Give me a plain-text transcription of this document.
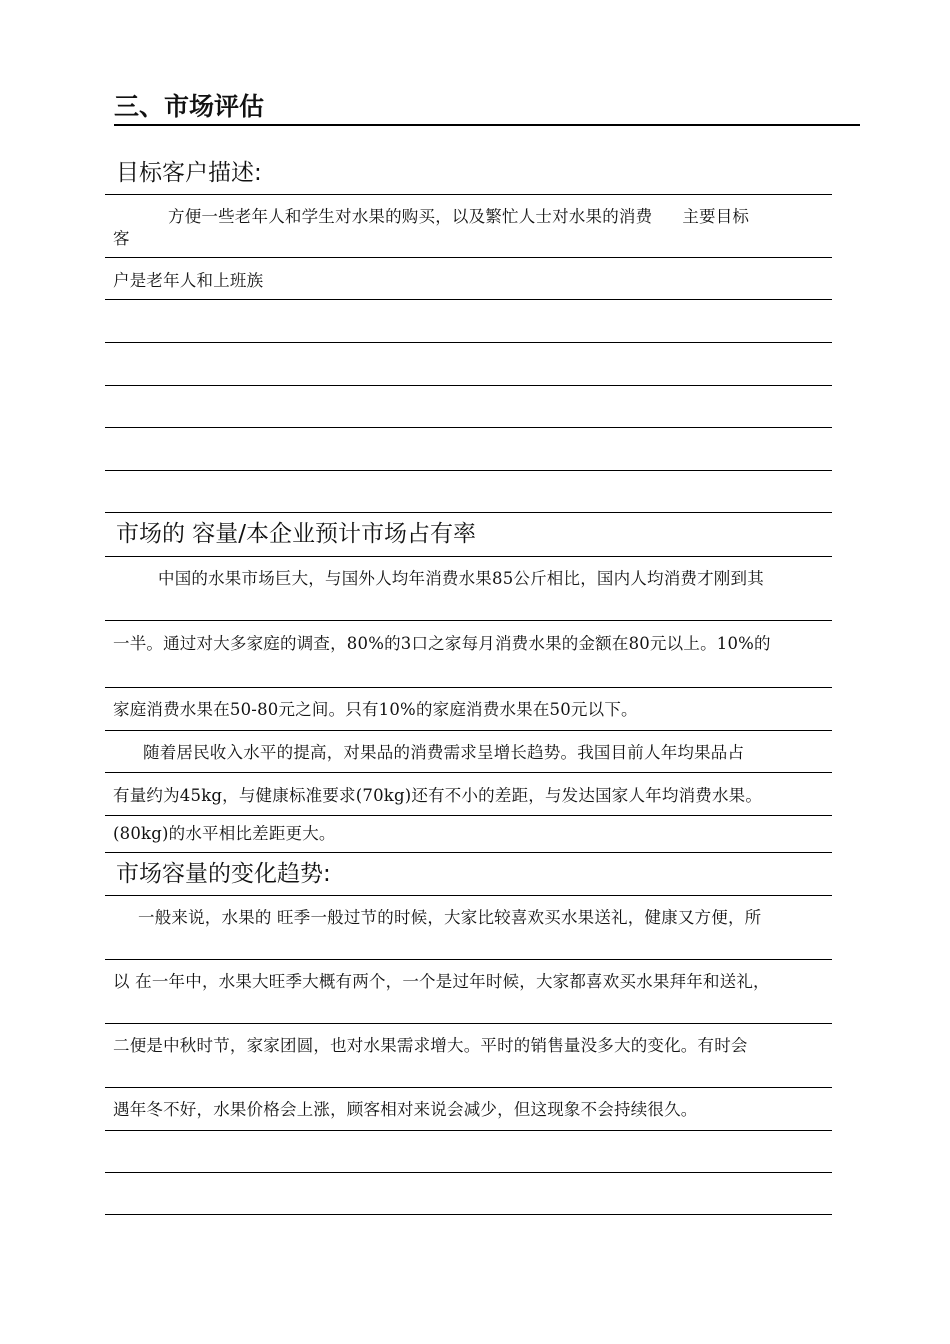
三、市场评估
目标客户描述:
方便一些老年人和学生对水果的购买，以及繁忙人士对水果的消费 主要目标
客
户是老年人和上班族
市场的 容量/本企业预计市场占有率
中国的水果市场巨大，与国外人均年消费水果85公斤相比，国内人均消费才刚到其
一半。通过对大多家庭的调查，80%的3口之家每月消费水果的金额在80元以上。10%的
家庭消费水果在50-80元之间。只有10%的家庭消费水果在50元以下。
随着居民收入水平的提高，对果品的消费需求呈增长趋势。我国目前人年均果品占
有量约为45kg，与健康标准要求(70kg)还有不小的差距，与发达国家人年均消费水果。
(80kg)的水平相比差距更大。
市场容量的变化趋势:
一般来说，水果的 旺季一般过节的时候，大家比较喜欢买水果送礼，健康又方便，所
以 在一年中，水果大旺季大概有两个，一个是过年时候，大家都喜欢买水果拜年和送礼，
二便是中秋时节，家家团圆，也对水果需求增大。平时的销售量没多大的变化。有时会
遇年冬不好，水果价格会上涨，顾客相对来说会减少，但这现象不会持续很久。
